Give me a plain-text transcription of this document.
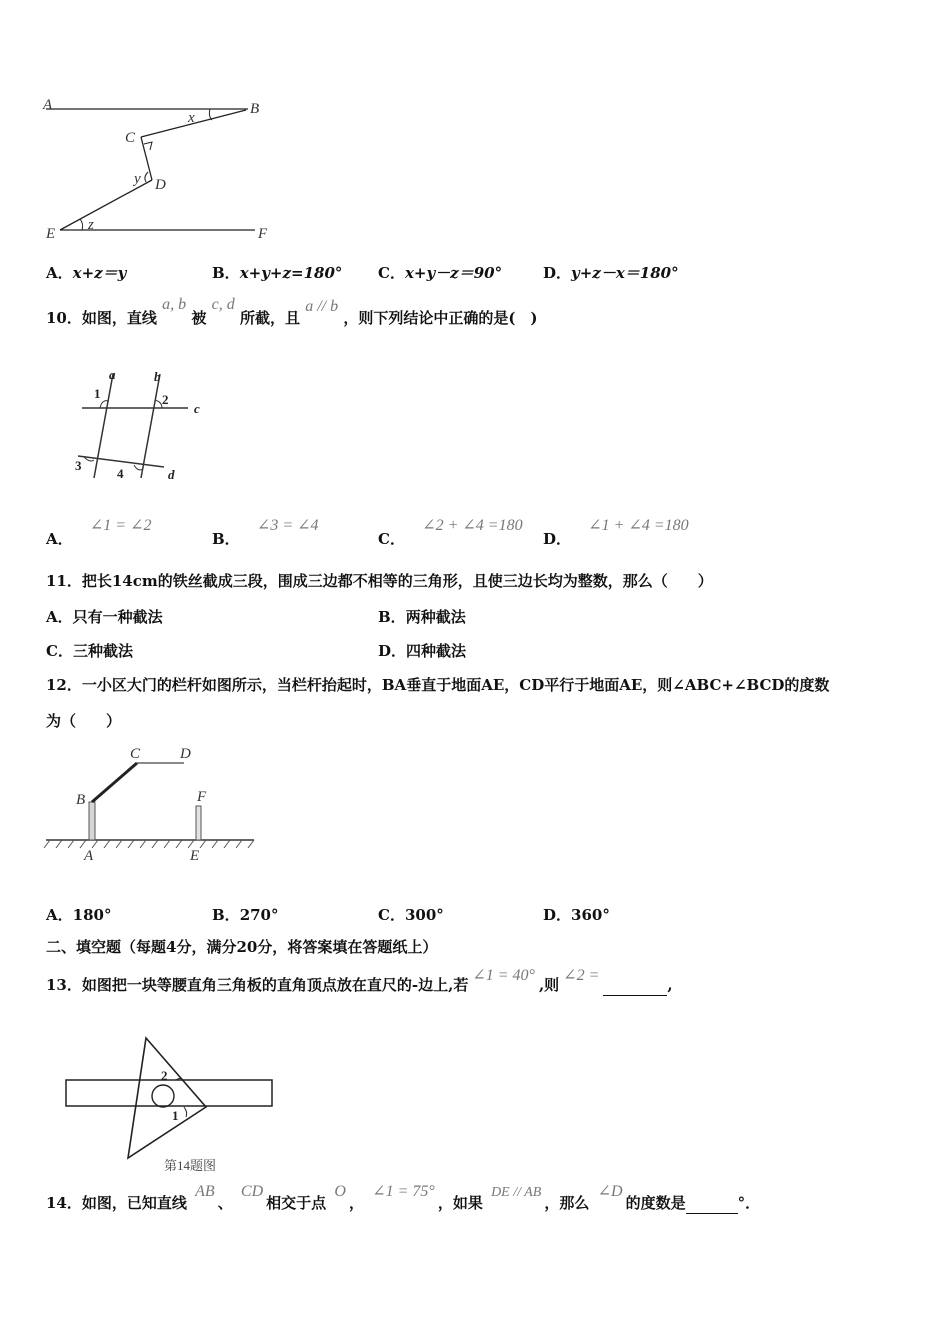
A	B
C
D
E	F
x
y
z
A．x+z＝y	B．x+y+z=180° C．x+y－z＝90°	D．y+z－x＝180°
10．如图，直线 a, b 被 c, d 所截，且 a // b ，则下列结论中正确的是(　)
a	b
c
d
1	2
3
4
A． ∠1 = ∠2
B． ∠3 = ∠4
C． ∠2 + ∠4 =180
D． ∠1 + ∠4 =180
11．把长14cm的铁丝截成三段，围成三边都不相等的三角形，且使三边长均为整数，那么（　　）
A．只有一种截法	B．两种截法
C．三种截法	D．四种截法
12．一小区大门的栏杆如图所示，当栏杆抬起时，BA垂直于地面AE，CD平行于地面AE，则∠ABC+∠BCD的度数
为（　　）
A
B
C	D
E
F
A．180°	B．270°	C．300°	D．360°
二、填空题（每题4分，满分20分，将答案填在答题纸上）
13．如图把一块等腰直角三角板的直角顶点放在直尺的-边上,若∠1 = 40°,则∠2 = ,
1
2
第14题图
14．如图，已知直线 AB、 CD相交于点 O， ∠1 = 75°，如果 DE // AB，那么 ∠D的度数是	°．
